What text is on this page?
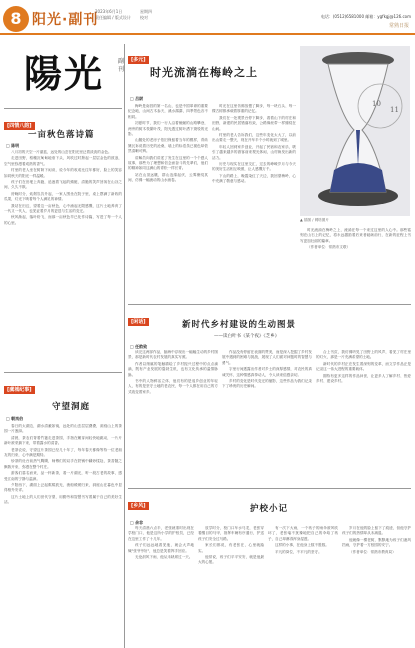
8 阳光·副刊
2023年6月1日
责任编辑 / 版式设计
星期四
校对	电话：(0512)6581000 邮箱：ygfkgj@126.com
常熟日报
陽光 副刊
[四情八韵]
一亩秋色落诗篇
□ 陈明

八月初的天空一片湛蓝，远处的山峦在阳光里泛着淡淡的金色。

走进田野，稻穗沉甸甸地垂下头，风吹过时掀起一层层金色的波浪，空气里弥漫着成熟的香气。

村里的老人坐在树荫下闲谈，说今年的收成比往年都好，脸上的笑容如同秋天的阳光一样温暖。

孩子们在田埂上奔跑，追逐着飞起的蜻蜓，清脆的笑声回荡在山谷之间，久久不散。

傍晚时分，炊烟袅袅升起，一家人围坐在院子里，桌上摆满了新收的瓜果，灯光下映着每个人满足的神情。

我站在田边，望着这一亩秋色，心中涌起无限感慨，这片土地养育了一代又一代人，也见证着岁月的更迭与生活的变迁。

秋风渐起，落叶纷飞，而那一亩秋色早已化作诗篇，写进了每一个人的心里。

[虞城纪事]
守望洞庭
□ 朝岚伯

春日的太湖边，湖水清澈如镜，远处的山峦层层叠叠，洞庭山上的茶园一片葱绿。

清晨，茶农们背着竹篓走进茶园，手指在嫩芽间轻快地跳动，一片片新叶被采摘下来，带着露水的清香。

老茶农说，守望这片茶园已经几十年了，每年春天都像等待一位老朋友的归来，心中满是期待。

炒茶的灶台前热气腾腾，师傅们的双手在铁锅中翻炒揉捻，茶香随之飘散开来，弥漫在整个村庄。

游客们慕名而来，品一杯新茶，看一片湖光，听一段古老的故事，感受江南的宁静与温润。

夕阳西下，湖面上泛起粼粼波光，渔船缓缓归来，洞庭山在暮色中显得格外安详。

这片土地上的人们世代守望，用勤劳和智慧书写着属于自己的美好生活。

[多元]
时光流淌在梅岭之上
□ 吕尉
10
11
▲ 插图 / 网络图片

梅岭是南昌的第一名山，也是中国革命的重要纪念地，山间古木参天，溪水潺潺，四季景色各不相同。

初夏时节，我们一行人沿着蜿蜒的山路攀登，两旁的树木枝繁叶茂，阳光透过树叶洒下斑驳的光影。

山腰处的老房子依旧保留着当年的模样，青砖黛瓦诉说着历史的沧桑，墙上的标语虽已褪色却依然清晰可辨。

讲解员向我们讲述了发生在这里的一个个感人故事，那些为了理想和信念而奋斗的先辈们，他们的精神如同这满山的青松一样长青。

站在山顶远眺，群山连绵起伏，云雾缭绕其间，仿佛一幅流动的山水画卷。

时光在这里仿佛放慢了脚步，每一块石头、每一棵古树都承载着厚重的记忆。

我们在一处观景台停下脚步，看着山下的村庄和田野，新建的民居错落有致，公路像丝带一样缠绕在山间。

村里的老人告诉我们，这些年变化太大了，以前出山要走一整天，现在开车半个小时就到了城里。

年轻人回到家乡创业，开起了民宿和农家乐，吸引了越来越多的游客前来观光休闲，山村焕发出新的活力。

历史与现实在这里交汇，过去的峥嵘岁月与今天的美好生活相互映照，让人感慨万千。

下山的路上，晚霞染红了天边，我回望梅岭，心中充满了敬意与感动。

时光流淌在梅岭之上，流淌在每一个来过这里的人心中。那些铭刻在山石上的记忆，将永远激励着后来者砥砺前行，在新的征程上书写更加壮丽的篇章。

（作者单位：常熟市文联）

[闲话]	新时代乡村建设的生动图景
——读白叶书《某个夜》《芝乡》
□ 任韵致

读完这两部作品，脑海中浮现出一幅幅生动的乡村图景，那是新时代农村发展的真实写照。

作者以细腻的笔触描绘了乡村振兴过程中的点点滴滴，既有产业发展的蓬勃生机，也有文化传承的温情脉脉。

书中的人物鲜活立体，他们有的是返乡创业的年轻人，有的是坚守土地的老农民，每一个人都在用自己的方式改变着家乡。

作品没有停留在表面的赞美，而是深入挖掘了乡村发展中遇到的困难与挑战，展现了人们面对问题时的智慧与勇气。

字里行间透露出作者对乡土的深厚感情，对农民的真诚关怀，这种情感真挚动人，令人读来倍感亲切。

乡村的变化是时代变迁的缩影，这些作品为我们记录下了珍贵的历史瞬间。

合上书页，我仿佛听见了田野上的风声，看见了村庄里的灯火，那是一片充满希望的土地。

新时代的乡村正在发生着深刻的变革，而文学作品正是记录这一伟大进程的重要载体。

期待有更多这样的作品问世，让更多人了解乡村、热爱乡村、建设乡村。

[乡风]	护校小记
□ 余非

每天清晨六点半，老张就准时出现在学校门口，他是这所小学的护校员，已经在这里工作了十几年。

孩子们远远地看见他，就会大声地喊"张爷爷好"，他总是笑着挥手回应。

无论刮风下雨，他从未缺席过一天。

放学时分，校门口车水马龙，老张穿着醒目的马甲，指挥车辆有序通行，护送孩子们安全过马路。

家长们都说，有老张在，心里就踏实。

他常说，孩子们平平安安，就是他最大的心愿。

有一次下大雨，一个孩子的雨伞被风吹坏了，老张毫不犹豫地把自己的伞给了孩子，自己却淋得浑身湿透。

这样的小事，在他身上数不胜数。

平凡的岗位，不平凡的坚守。

岁月在他的脸上留下了痕迹，但他守护孩子们的热情却从未减退。

他就像一棵老树，默默地为孩子们遮风挡雨，守护着一方校园的安宁。

（作者单位：常熟市教育局）
